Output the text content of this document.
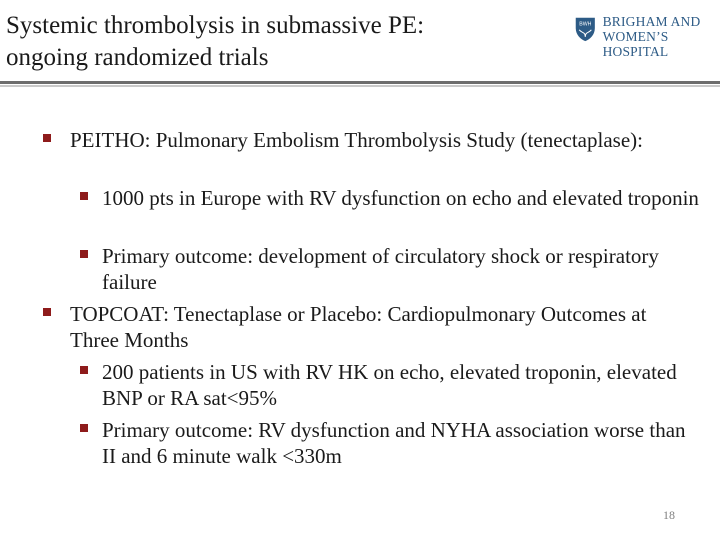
Systemic thrombolysis in submassive PE:
ongoing randomized trials
BWH BRIGHAM AND
WOMEN’S HOSPITAL
PEITHO: Pulmonary Embolism Thrombolysis Study (tenectaplase):
1000 pts in Europe with RV dysfunction on echo and elevated troponin
Primary outcome: development of circulatory shock or respiratory failure
TOPCOAT: Tenectaplase or Placebo: Cardiopulmonary Outcomes at Three Months
200 patients in US with RV HK on echo, elevated troponin, elevated BNP or RA sat<95%
Primary outcome: RV dysfunction and NYHA association worse than II and 6 minute walk <330m
18
